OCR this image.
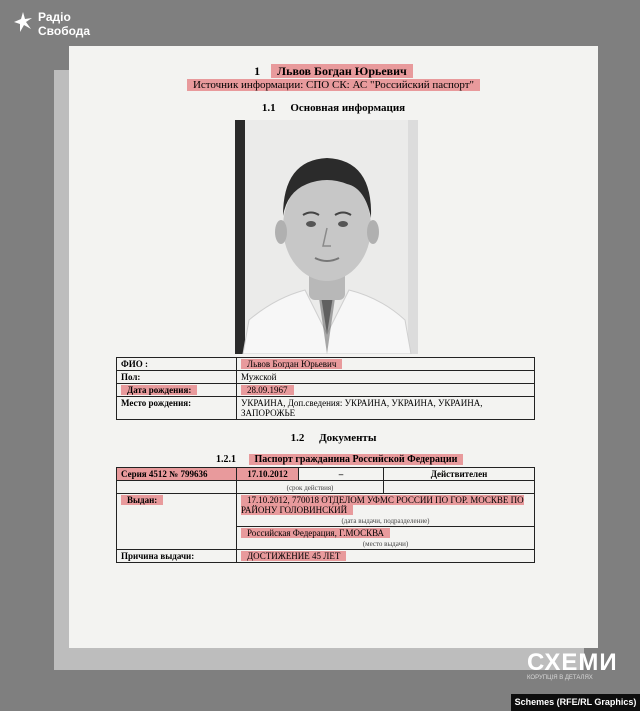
Радіо
Свобода
1 Львов Богдан Юрьевич
Источник информации: СПО СК: АС "Российский паспорт"
1.1 Основная информация
ФИО :	Львов Богдан Юрьевич
Пол:	Мужской
Дата рождения:	28.09.1967
Место рождения:	УКРАИНА, Доп.сведения: УКРАИНА, УКРАИНА, УКРАИНА, ЗАПОРОЖЬЕ
1.2 Документы
1.2.1 Паспорт гражданина Российской Федерации
Серия 4512 № 799636	17.10.2012	–	Действителен

	(срок действия)		

Выдан:	17.10.2012, 770018 ОТДЕЛОМ УФМС РОССИИ ПО ГОР. МОСКВЕ ПО РАЙОНУ ГОЛОВИНСКИЙ
(дата выдачи, подразделение)		

	Российская Федерация, Г.МОСКВА
(место выдачи)		

Причина выдачи:	ДОСТИЖЕНИЕ 45 ЛЕТ		
СХЕМИ
КОРУПЦІЯ В ДЕТАЛЯХ
Schemes (RFE/RL Graphics)
